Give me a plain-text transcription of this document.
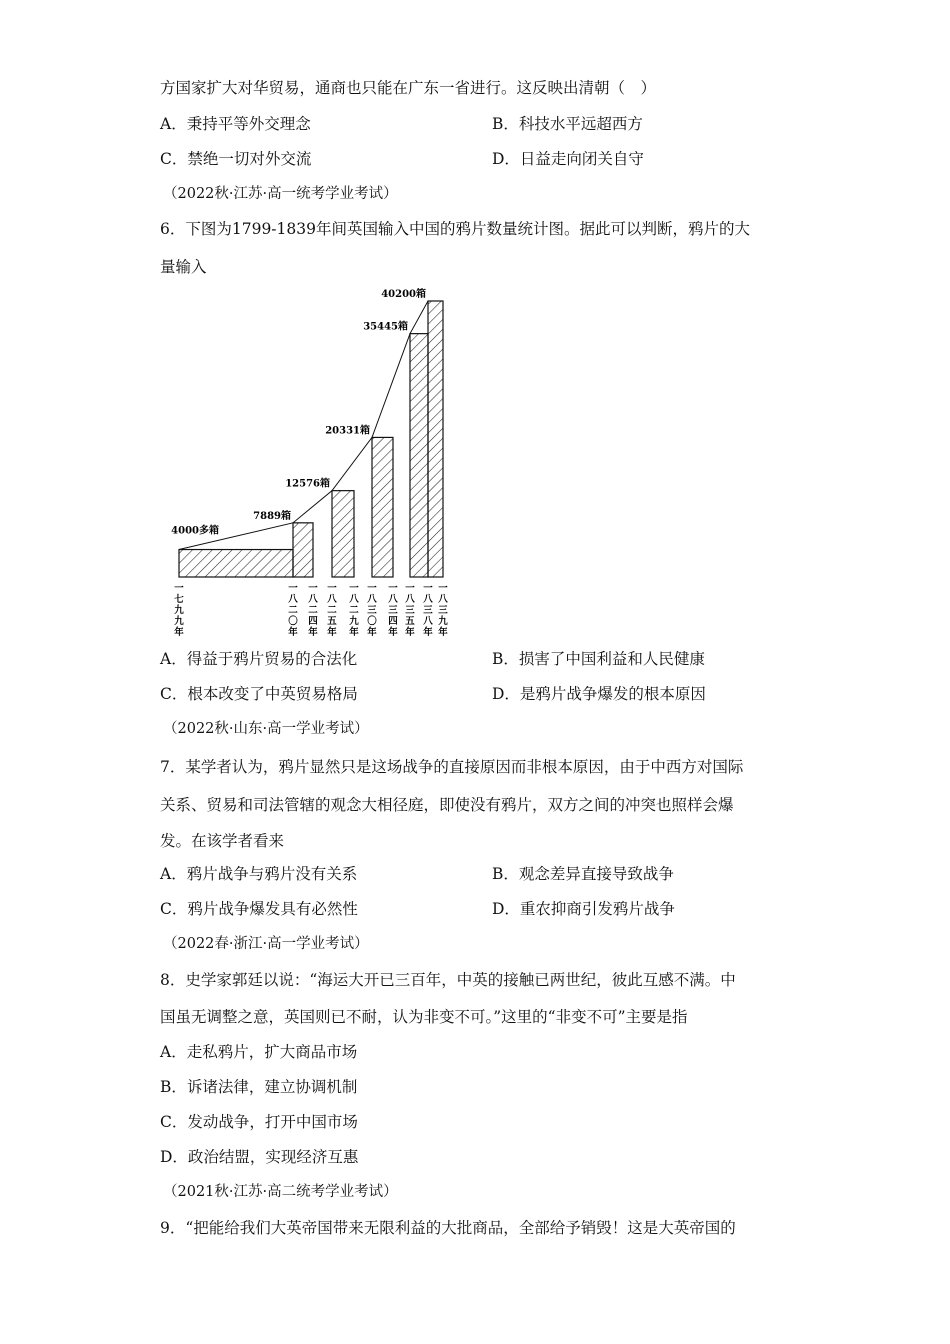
方国家扩大对华贸易，通商也只能在广东一省进行。这反映出清朝（　）
A．秉持平等外交理念	B．科技水平远超西方
C．禁绝一切对外交流	D．日益走向闭关自守
（2022秋·江苏·高一统考学业考试）
6．下图为1799-1839年间英国输入中国的鸦片数量统计图。据此可以判断，鸦片的大
量输入
4000多箱
7889箱
12576箱
20331箱
35445箱
40200箱
一
七
九
九
年
一
八
二
〇
年
一
八
二
四
年
一
八
二
五
年
一
八
二
九
年
一
八
三
〇
年
一
八
三
四
年
一
八
三
五
年
一
八
三
八
年
一
八
三
九
年
A．得益于鸦片贸易的合法化	B．损害了中国利益和人民健康
C．根本改变了中英贸易格局	D．是鸦片战争爆发的根本原因
（2022秋·山东·高一学业考试）
7．某学者认为，鸦片显然只是这场战争的直接原因而非根本原因，由于中西方对国际
关系、贸易和司法管辖的观念大相径庭，即使没有鸦片，双方之间的冲突也照样会爆
发。在该学者看来
A．鸦片战争与鸦片没有关系	B．观念差异直接导致战争
C．鸦片战争爆发具有必然性	D．重农抑商引发鸦片战争
（2022春·浙江·高一学业考试）
8．史学家郭廷以说：“海运大开已三百年，中英的接触已两世纪，彼此互感不满。中
国虽无调整之意，英国则已不耐，认为非变不可。”这里的“非变不可”主要是指
A．走私鸦片，扩大商品市场
B．诉诸法律，建立协调机制
C．发动战争，打开中国市场
D．政治结盟，实现经济互惠
（2021秋·江苏·高二统考学业考试）
9．“把能给我们大英帝国带来无限利益的大批商品，全部给予销毁！这是大英帝国的
